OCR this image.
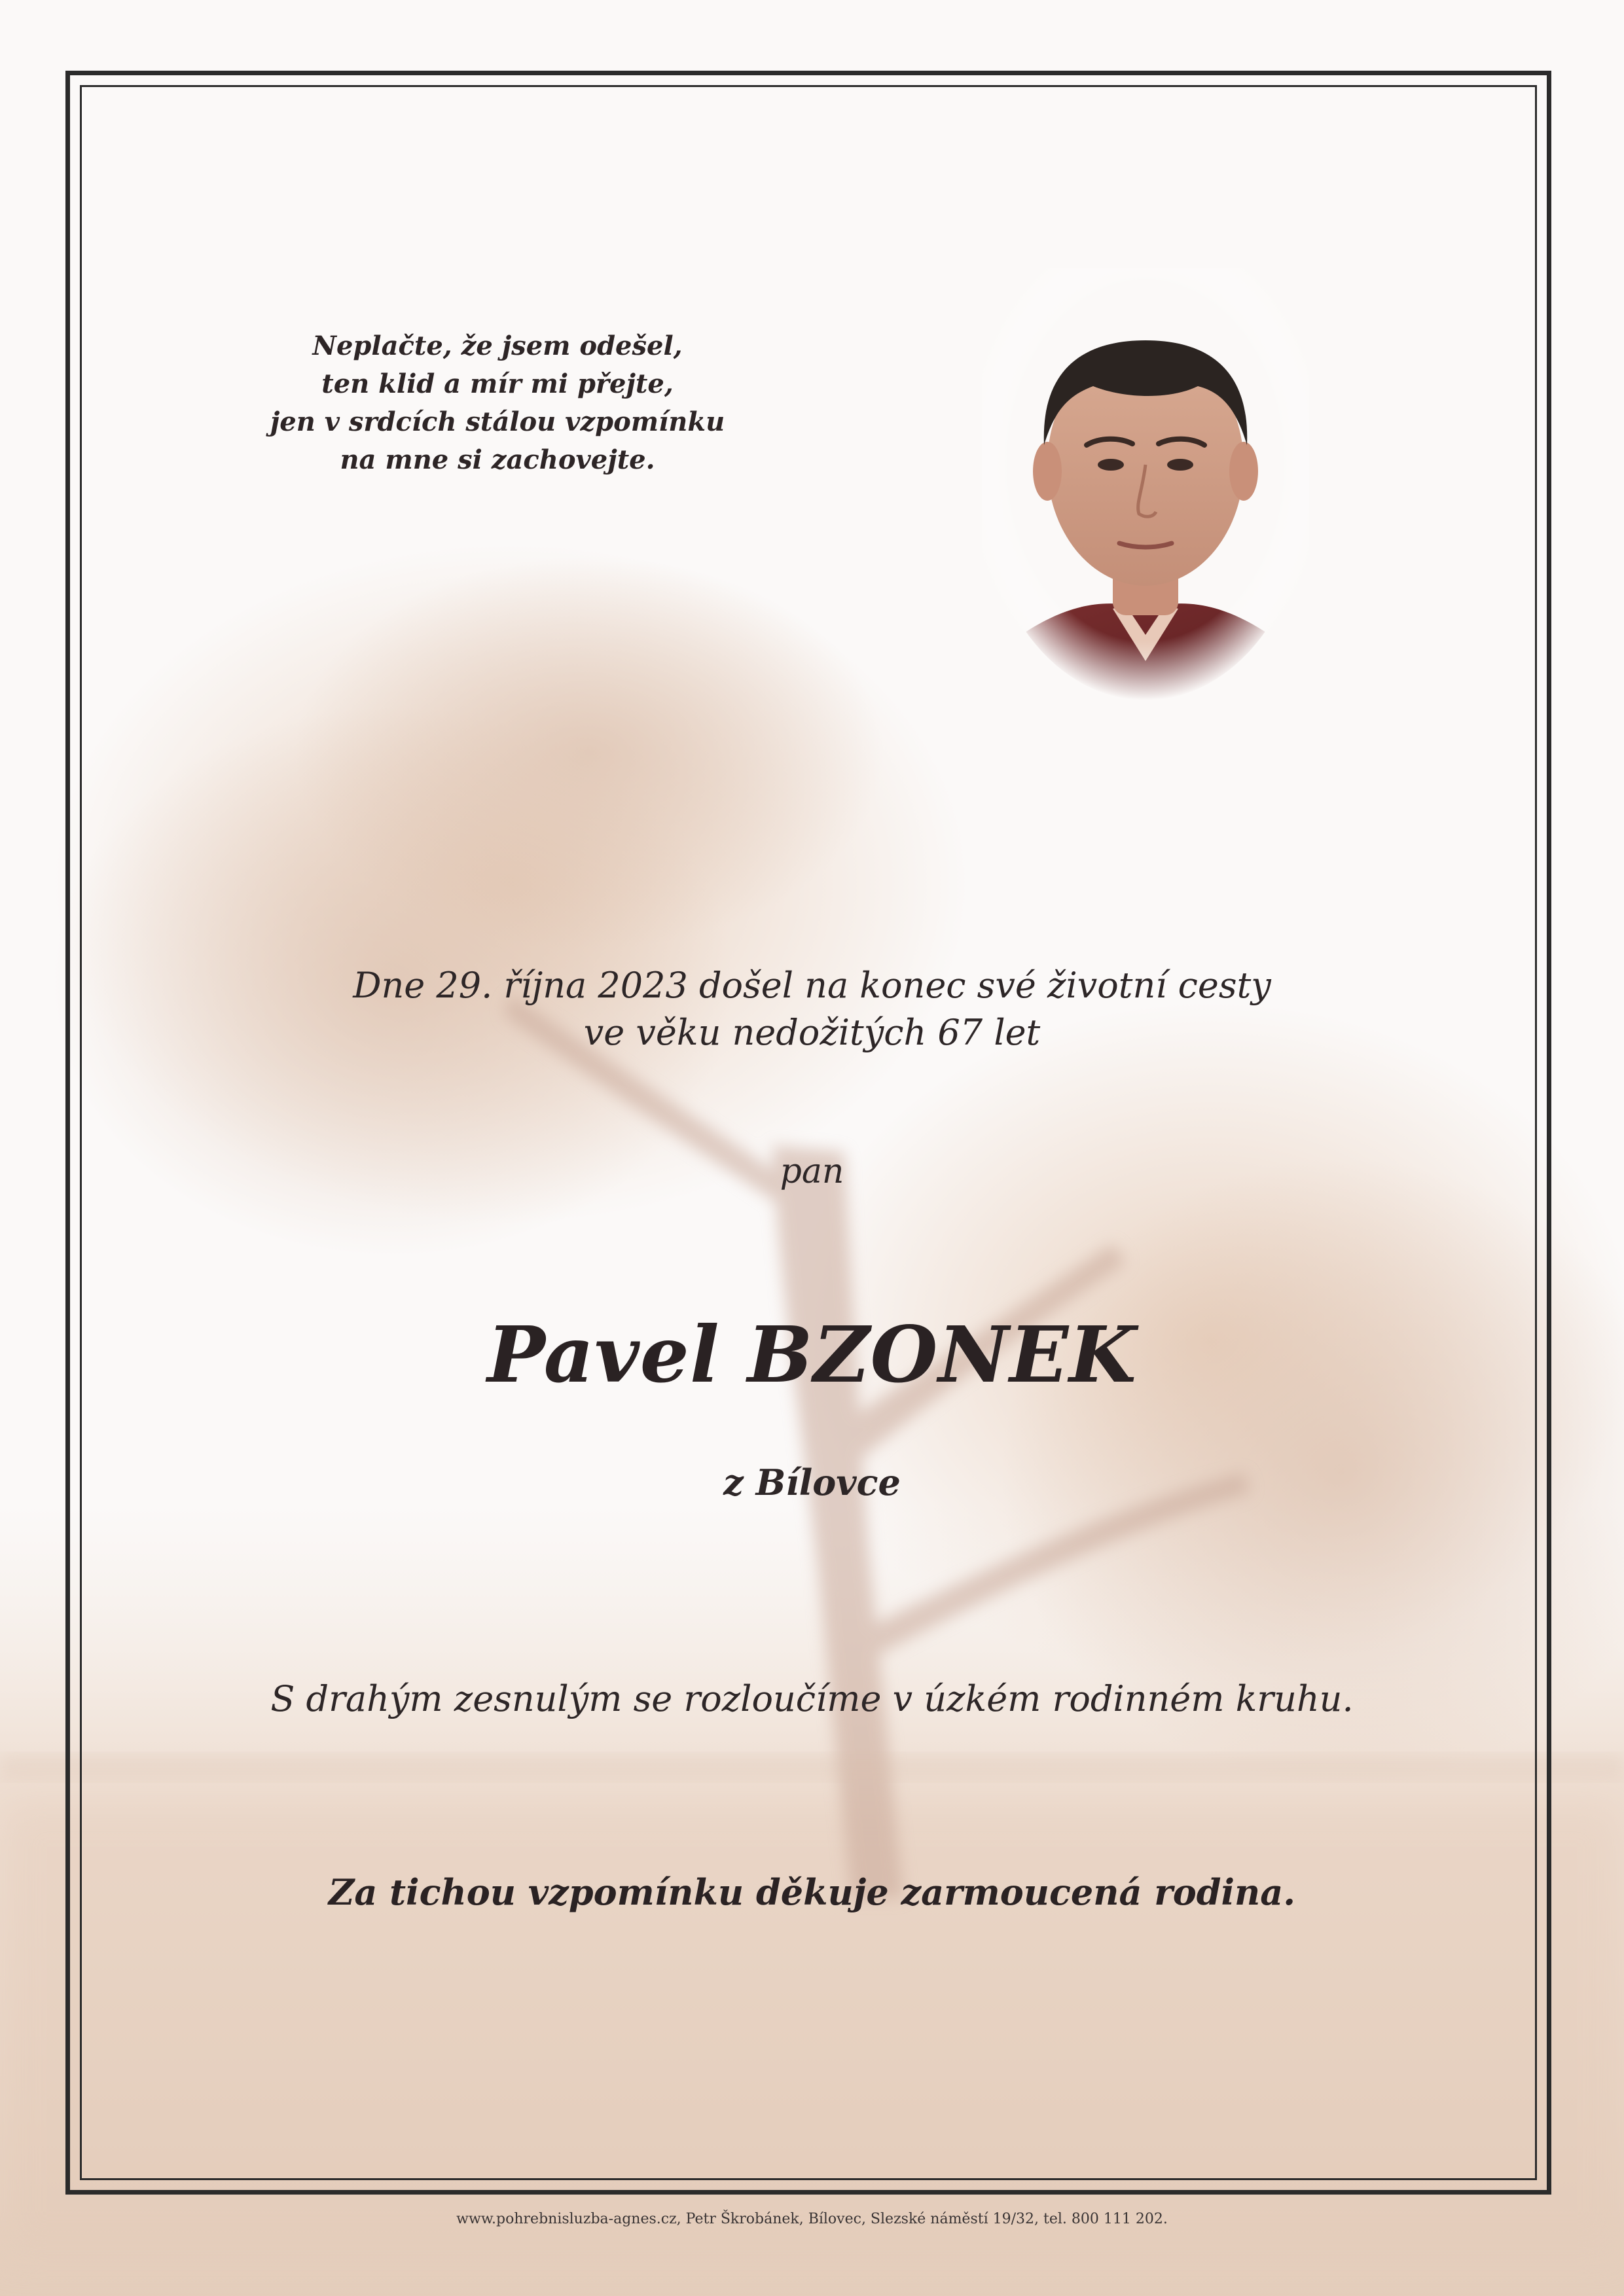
Neplačte, že jsem odešel,
ten klid a mír mi přejte,
jen v srdcích stálou vzpomínku
na mne si zachovejte.
Dne 29. října 2023 došel na konec své životní cesty
ve věku nedožitých 67 let
pan
Pavel BZONEK
z Bílovce
S drahým zesnulým se rozloučíme v úzkém rodinném kruhu.
Za tichou vzpomínku děkuje zarmoucená rodina.
www.pohrebnisluzba-agnes.cz, Petr Škrobánek, Bílovec, Slezské náměstí 19/32, tel. 800 111 202.
